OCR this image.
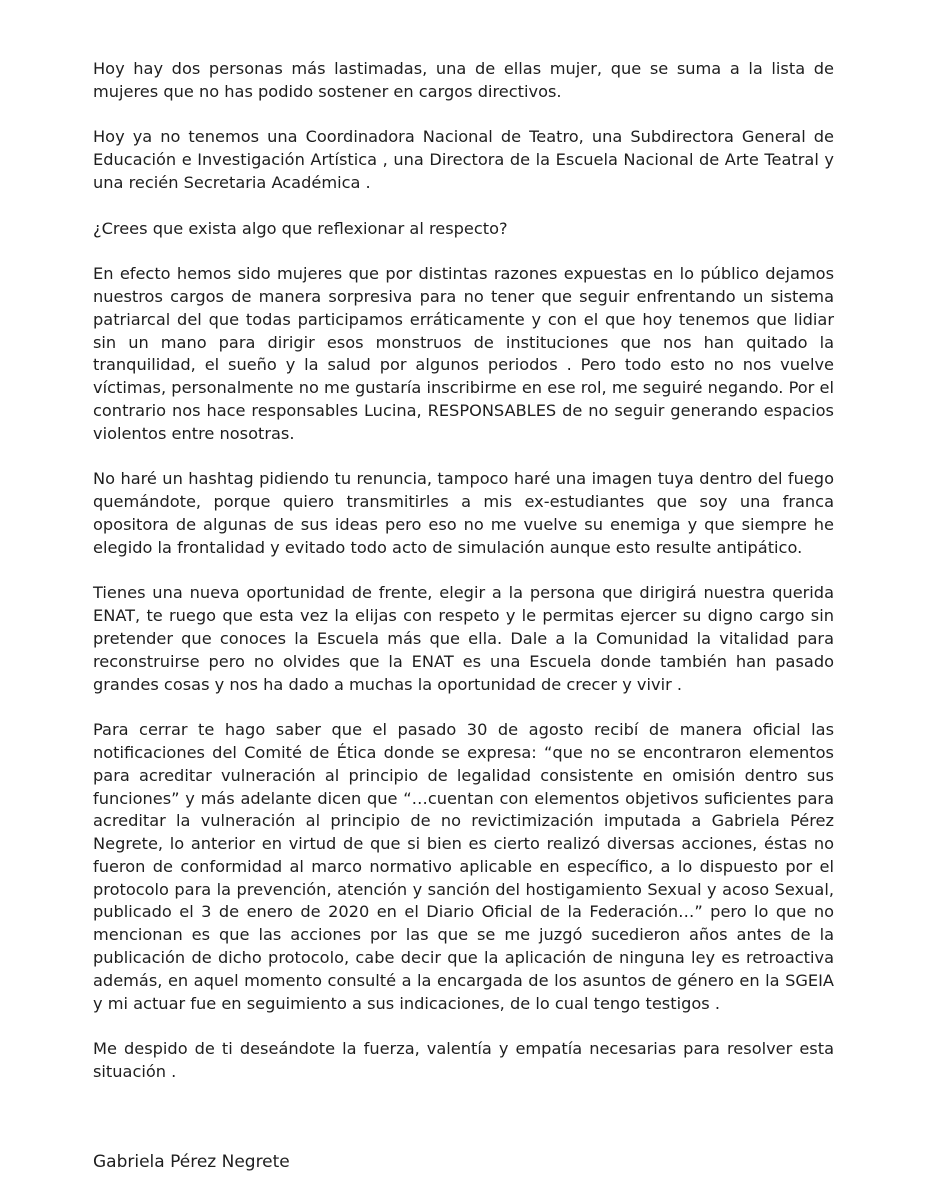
Hoy hay dos personas más lastimadas, una de ellas mujer, que se suma a la lista de mujeres que no has podido sostener en cargos directivos.

Hoy ya no tenemos una Coordinadora Nacional de Teatro, una Subdirectora General de Educación e Investigación Artística , una Directora de la Escuela Nacional de Arte Teatral y una recién Secretaria Académica .

¿Crees que exista algo que reflexionar al respecto?

En efecto hemos sido mujeres que por distintas razones expuestas en lo público dejamos nuestros cargos de manera sorpresiva para no tener que seguir enfrentando un sistema patriarcal del que todas participamos erráticamente y con el que hoy tenemos que lidiar sin un mano para dirigir esos monstruos de instituciones que nos han quitado la tranquilidad, el sueño y la salud por algunos periodos . Pero todo esto no nos vuelve víctimas, personalmente no me gustaría inscribirme en ese rol, me seguiré negando. Por el contrario nos hace responsables Lucina, RESPONSABLES de no seguir generando espacios violentos entre nosotras.

No haré un hashtag pidiendo tu renuncia, tampoco haré una imagen tuya dentro del fuego quemándote, porque quiero transmitirles a mis ex-estudiantes que soy una franca opositora de algunas de sus ideas pero eso no me vuelve su enemiga y que siempre he elegido la frontalidad y evitado todo acto de simulación aunque esto resulte antipático.

Tienes una nueva oportunidad de frente, elegir a la persona que dirigirá nuestra querida ENAT, te ruego que esta vez la elijas con respeto y le permitas ejercer su digno cargo sin pretender que conoces la Escuela más que ella. Dale a la Comunidad la vitalidad para reconstruirse pero no olvides que la ENAT es una Escuela donde también han pasado grandes cosas y nos ha dado a muchas la oportunidad de crecer y vivir .

Para cerrar te hago saber que el pasado 30 de agosto recibí de manera oficial las notificaciones del Comité de Ética donde se expresa: “que no se encontraron elementos para acreditar vulneración al principio de legalidad consistente en omisión dentro sus funciones” y más adelante dicen que “…cuentan con elementos objetivos suficientes para acreditar la vulneración al principio de no revictimización imputada a Gabriela Pérez Negrete, lo anterior en virtud de que si bien es cierto realizó diversas acciones, éstas no fueron de conformidad al marco normativo aplicable en específico, a lo dispuesto por el protocolo para la prevención, atención y sanción del hostigamiento Sexual y acoso Sexual, publicado el 3 de enero de 2020 en el Diario Oficial de la Federación…” pero lo que no mencionan es que las acciones por las que se me juzgó sucedieron años antes de la publicación de dicho protocolo, cabe decir que la aplicación de ninguna ley es retroactiva además, en aquel momento consulté a la encargada de los asuntos de género en la SGEIA y mi actuar fue en seguimiento a sus indicaciones, de lo cual tengo testigos .

Me despido de ti deseándote la fuerza, valentía y empatía necesarias para resolver esta situación .

Gabriela Pérez Negrete
